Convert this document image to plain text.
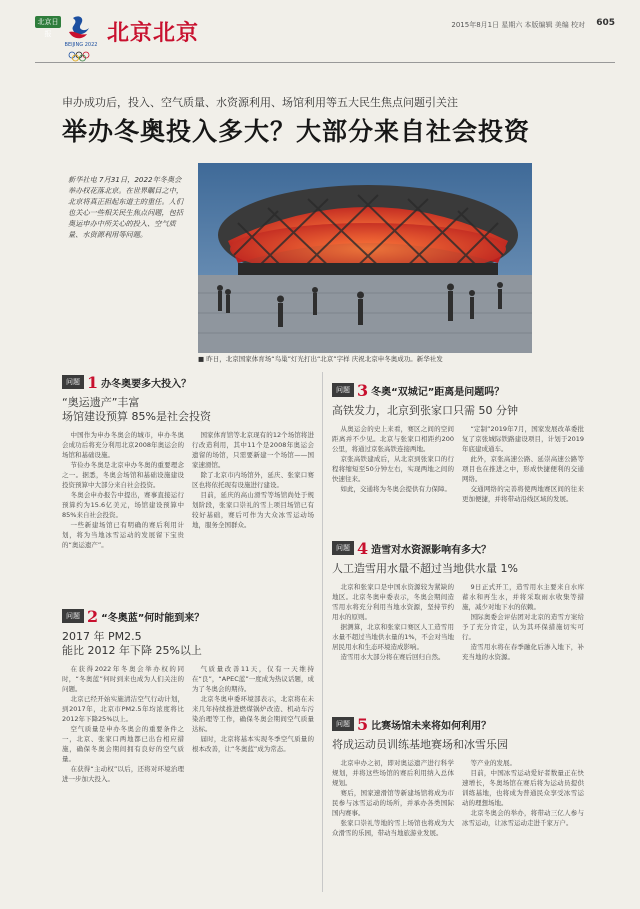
北京日报
BEIJING 2022 北京北京	2015年8月1日 星期六 本版编辑 美编 校对 605
申办成功后，投入、空气质量、水资源利用、场馆利用等五大民生焦点问题引关注
举办冬奥投入多大？大部分来自社会投资
新华社电 7月31日，2022年冬奥会举办权花落北京。在世界瞩目之中，北京将真正担起东道主的重任。人们也关心一些相关民生焦点问题，包括奥运申办中所关心的投入、空气质量、水资源利用等问题。
■ 昨日，北京国家体育场“鸟巢”灯光打出“北京”字样 庆祝北京申冬奥成功。新华社发
问题 1 办冬奥要多大投入？
“奥运遗产”丰富
场馆建设预算 85%是社会投资

中国作为申办冬奥会的城市，申办冬奥会成功后将充分利用北京2008年奥运会的场馆和基础设施。

节俭办冬奥是北京申办冬奥的重要理念之一。据悉，冬奥会场馆和基础设施建设投资预算中大部分来自社会投资。

冬奥会申办报告中提出，赛事直接运行预算约为15.6亿美元，场馆建设预算中85%来自社会投资。

一些新建场馆已有明确的赛后利用计划，将为当地冰雪运动的发展留下宝贵的“奥运遗产”。

国家体育馆等北京现有的12个场馆将进行改造利用，其中11个是2008年奥运会遗留的场馆，只需要新建一个场馆——国家速滑馆。

除了北京市内场馆外，延庆、张家口赛区也将依托现有设施进行建设。

目前，延庆的高山滑雪等场馆尚处于规划阶段，张家口崇礼的雪上项目场馆已有较好基础，赛后可作为大众冰雪运动场地，服务全国群众。

问题 2 “冬奥蓝”何时能到来？
2017 年 PM2.5
能比 2012 年下降 25%以上

在获得2022年冬奥会举办权的同时，“冬奥蓝”何时到来也成为人们关注的问题。

北京已经开始实施清洁空气行动计划，到2017年，北京市PM2.5年均浓度将比2012年下降25%以上。

空气质量是申办冬奥会的重要条件之一，北京、张家口两地都已出台相应措施，确保冬奥会期间拥有良好的空气质量。

在获得“主动权”以后，还将对环境治理进一步加大投入。

气质量改善11天，仅有一天维持在“良”，“APEC蓝”一度成为热议话题，成为了冬奥会的期待。

北京冬奥申委环境部表示，北京将在未来几年持续推进燃煤锅炉改造、机动车污染治理等工作，确保冬奥会期间空气质量达标。

届时，北京将基本实现冬季空气质量的根本改善，让“冬奥蓝”成为常态。

问题 3 冬奥“双城记”距离是问题吗？
高铁发力，北京到张家口只需 50 分钟

从奥运会的史上来看，赛区之间的空间距离并不少见。北京与张家口相距约200公里，将通过京张高铁连接两地。

京张高铁建成后，从北京到张家口的行程将缩短至50分钟左右，实现两地之间的快速往来。

如此，交通将为冬奥会提供有力保障。

“定制”2019年7月，国家发展改革委批复了京张城际铁路建设项目，计划于2019年底建成通车。

此外，京张高速公路、延崇高速公路等项目也在推进之中，形成快捷便利的交通网络。

交通网络的完善将使两地赛区间的往来更加便捷，并将带动沿线区域的发展。

问题 4 造雪对水资源影响有多大？
人工造雪用水量不超过当地供水量 1%

北京和张家口是中国水资源较为紧缺的地区。北京冬奥申委表示，冬奥会期间造雪用水将充分利用当地水资源，坚持节约用水的原则。

据测算，北京和张家口赛区人工造雪用水量不超过当地供水量的1%，不会对当地居民用水和生态环境造成影响。

造雪用水大部分将在赛后回归自然。

9日正式开工，造雪用水主要来自水库蓄水和再生水，并将采取雨水收集等措施，减少对地下水的依赖。

国际奥委会评估团对北京的造雪方案给予了充分肯定，认为其环保措施切实可行。

造雪用水将在春季融化后渗入地下，补充当地的水资源。

问题 5 比赛场馆未来将如何利用？
将成运动员训练基地赛场和冰雪乐园

北京申办之初，即对奥运遗产进行科学规划，并将这些场馆的赛后利用纳入总体规划。

赛后，国家速滑馆等新建场馆将成为市民参与冰雪运动的场所，并承办各类国际国内赛事。

张家口崇礼等地的雪上场馆也将成为大众滑雪的乐园，带动当地旅游业发展。

等产业的发展。

目前，中国冰雪运动爱好者数量正在快速增长，冬奥场馆在赛后将为运动员提供训练基地，也将成为普通民众享受冰雪运动的理想场地。

北京冬奥会的举办，将带动三亿人参与冰雪运动，让冰雪运动走进千家万户。
